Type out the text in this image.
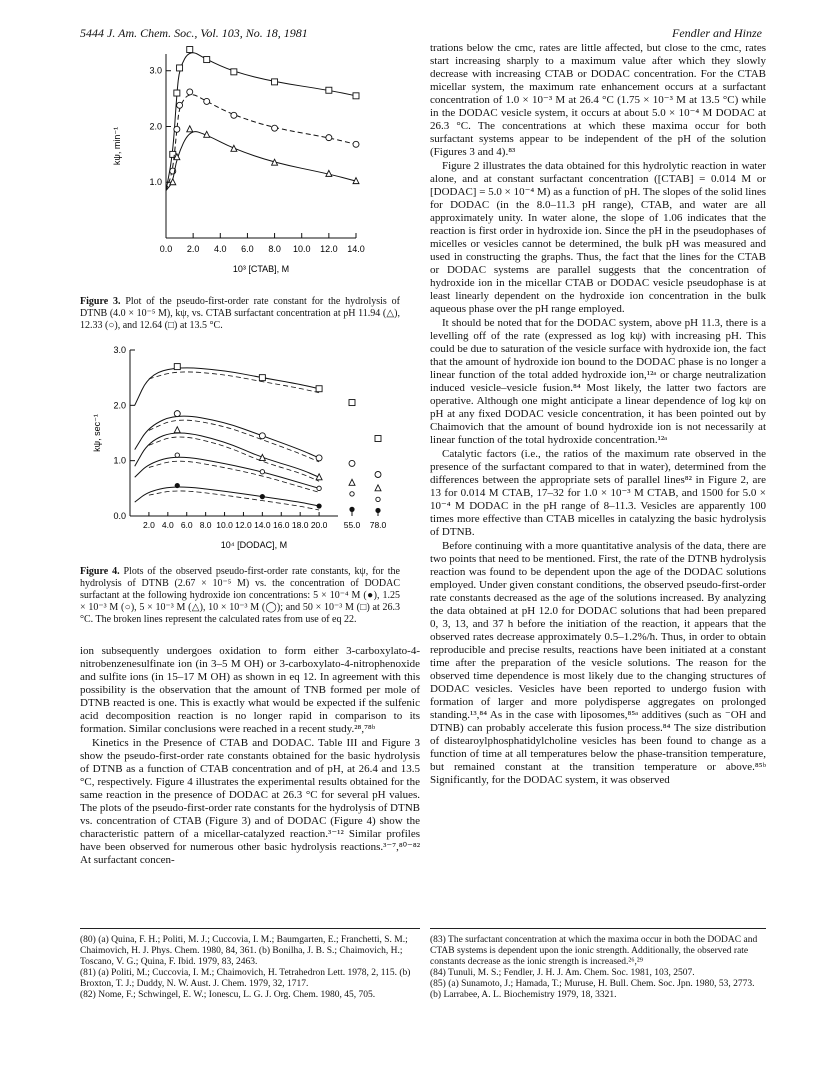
5444 J. Am. Chem. Soc., Vol. 103, No. 18, 1981	Fendler and Hinze
0.0 2.0 4.0 6.0 8.0 10.0 12.0 14.0
1.0
2.0
3.0
10³ [CTAB], M
kψ, min⁻¹
Figure 3. Plot of the pseudo-first-order rate constant for the hydrolysis of DTNB (4.0 × 10⁻⁵ M), kψ, vs. CTAB surfactant concentration at pH 11.94 (△), 12.33 (○), and 12.64 (□) at 13.5 °C.
2.0 4.0 6.0 8.0 10.0 12.0 14.0 16.0 18.0 20.0 55.0 78.0
0.0
1.0
2.0
3.0
10⁴ [DODAC], M
kψ, sec⁻¹
Figure 4. Plots of the observed pseudo-first-order rate constants, kψ, for the hydrolysis of DTNB (2.67 × 10⁻⁵ M) vs. the concentration of DODAC surfactant at the following hydroxide ion concentrations: 5 × 10⁻⁴ M (●), 1.25 × 10⁻³ M (○), 5 × 10⁻³ M (△), 10 × 10⁻³ M (◯); and 50 × 10⁻³ M (□) at 26.3 °C. The broken lines represent the calculated rates from use of eq 22.

ion subsequently undergoes oxidation to form either 3-carboxylato-4-nitrobenzenesulfinate ion (in 3–5 M OH) or 3-carboxylato-4-nitrophenoxide and sulfite ions (in 15–17 M OH) as shown in eq 12. In agreement with this possibility is the observation that the amount of TNB formed per mole of DTNB reacted is one. This is exactly what would be expected if the sulfenic acid decomposition reaction is no longer rapid in comparison to its formation. Similar conclusions were reached in a recent study.²⁸,⁷⁸ᵇ

Kinetics in the Presence of CTAB and DODAC. Table III and Figure 3 show the pseudo-first-order rate constants obtained for the basic hydrolysis of DTNB as a function of CTAB concentration and of pH, at 26.4 and 13.5 °C, respectively. Figure 4 illustrates the experimental results obtained for the same reaction in the presence of DODAC at 26.3 °C for several pH values. The plots of the pseudo-first-order rate constants for the hydrolysis of DTNB vs. concentration of CTAB (Figure 3) and of DODAC (Figure 4) show the characteristic pattern of a micellar-catalyzed reaction.³⁻¹² Similar profiles have been observed for numerous other basic hydrolysis reactions.³⁻⁷,⁸⁰⁻⁸² At surfactant concen-

trations below the cmc, rates are little affected, but close to the cmc, rates start increasing sharply to a maximum value after which they slowly decrease with increasing CTAB or DODAC concentration. For the CTAB micellar system, the maximum rate enhancement occurs at a surfactant concentration of 1.0 × 10⁻³ M at 26.4 °C (1.75 × 10⁻³ M at 13.5 °C) while in the DODAC vesicle system, it occurs at about 5.0 × 10⁻⁴ M DODAC at 26.3 °C. The concentrations at which these maxima occur for both surfactant systems appear to be independent of the pH of the solution (Figures 3 and 4).⁸³

Figure 2 illustrates the data obtained for this hydrolytic reaction in water alone, and at constant surfactant concentration ([CTAB] = 0.014 M or [DODAC] = 5.0 × 10⁻⁴ M) as a function of pH. The slopes of the solid lines for DODAC (in the 8.0–11.3 pH range), CTAB, and water are all approximately unity. In water alone, the slope of 1.06 indicates that the reaction is first order in hydroxide ion. Since the pH in the pseudophases of micelles or vesicles cannot be determined, the bulk pH was measured and used in constructing the graphs. Thus, the fact that the lines for the CTAB or DODAC systems are parallel suggests that the concentration of hydroxide ion in the micellar CTAB or DODAC vesicle pseudophase is at least linearly dependent on the hydroxide ion concentration in the bulk aqueous phase over the pH range employed.

It should be noted that for the DODAC system, above pH 11.3, there is a levelling off of the rate (expressed as log kψ) with increasing pH. This could be due to saturation of the vesicle surface with hydroxide ion, the fact that the amount of hydroxide ion bound to the DODAC phase is no longer a linear function of the total added hydroxide ion,¹²ᵃ or charge neutralization induced vesicle–vesicle fusion.⁸⁴ Most likely, the latter two factors are operative. Although one might anticipate a linear dependence of log kψ on pH at any fixed DODAC vesicle concentration, it has been pointed out by Chaimovich that the amount of bound hydroxide ion is not necessarily at linear function of the total hydroxide concentration.¹²ᵃ

Catalytic factors (i.e., the ratios of the maximum rate observed in the presence of the surfactant compared to that in water), determined from the differences between the appropriate sets of parallel lines⁸² in Figure 2, are 13 for 0.014 M CTAB, 17–32 for 1.0 × 10⁻³ M CTAB, and 1500 for 5.0 × 10⁻⁴ M DODAC in the pH range of 8–11.3. Vesicles are apparently 100 times more effective than CTAB micelles in catalyzing the basic hydrolysis of DTNB.

Before continuing with a more quantitative analysis of the data, there are two points that need to be mentioned. First, the rate of the DTNB hydrolysis reaction was found to be dependent upon the age of the DODAC solutions employed. Under given constant conditions, the observed pseudo-first-order rate constants decreased as the age of the solutions increased. By analyzing the data obtained at pH 12.0 for DODAC solutions that had been prepared 0, 3, 13, and 37 h before the initiation of the reaction, it appears that the observed rates decrease approximately 0.5–1.2%/h. Thus, in order to obtain reproducible and precise results, reactions have been initiated at a constant time after the preparation of the vesicle solutions. The reason for the observed time dependence is most likely due to the changing structures of DODAC vesicles. Vesicles have been reported to undergo fusion with formation of larger and more polydisperse aggregates on prolonged standing.¹³,⁸⁴ As in the case with liposomes,⁸⁵ᵃ additives (such as ⁻OH and DTNB) can probably accelerate this fusion process.⁸⁴ The size distribution of distearoylphosphatidylcholine vesicles has been found to change as a function of time at all temperatures below the phase-transition temperature, but remained constant at the transition temperature or above.⁸⁵ᵇ Significantly, for the DODAC system, it was observed

(80) (a) Quina, F. H.; Politi, M. J.; Cuccovia, I. M.; Baumgarten, E.; Franchetti, S. M.; Chaimovich, H. J. Phys. Chem. 1980, 84, 361. (b) Bonilha, J. B. S.; Chaimovich, H.; Toscano, V. G.; Quina, F. Ibid. 1979, 83, 2463.
(81) (a) Politi, M.; Cuccovia, I. M.; Chaimovich, H. Tetrahedron Lett. 1978, 2, 115. (b) Broxton, T. J.; Duddy, N. W. Aust. J. Chem. 1979, 32, 1717.
(82) Nome, F.; Schwingel, E. W.; Ionescu, L. G. J. Org. Chem. 1980, 45, 705.
(83) The surfactant concentration at which the maxima occur in both the DODAC and CTAB systems is dependent upon the ionic strength. Additionally, the observed rate constants decrease as the ionic strength is increased.²⁶,²⁹
(84) Tunuli, M. S.; Fendler, J. H. J. Am. Chem. Soc. 1981, 103, 2507.
(85) (a) Sunamoto, J.; Hamada, T.; Muruse, H. Bull. Chem. Soc. Jpn. 1980, 53, 2773. (b) Larrabee, A. L. Biochemistry 1979, 18, 3321.
